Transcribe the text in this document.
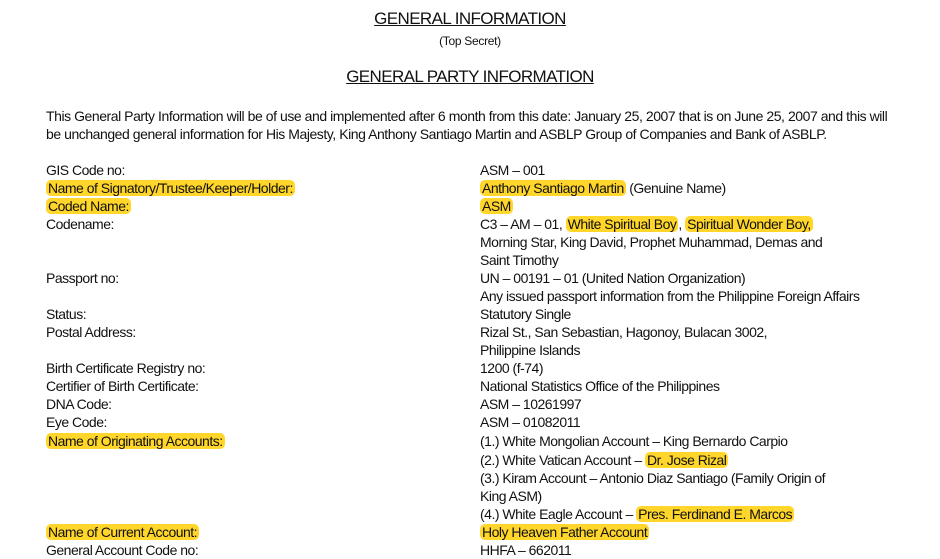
GENERAL INFORMATION
(Top Secret)
GENERAL PARTY INFORMATION

This General Party Information will be of use and implemented after 6 month from this date: January 25, 2007 that is on June 25, 2007 and this will

be unchanged general information for His Majesty, King Anthony Santiago Martin and ASBLP Group of Companies and Bank of ASBLP.

GIS Code no:	ASM – 001
Name of Signatory/Trustee/Keeper/Holder:	Anthony Santiago Martin (Genuine Name)
Coded Name:	ASM
Codename:	C3 – AM – 01, White Spiritual Boy , Spiritual Wonder Boy,
Morning Star, King David, Prophet Muhammad, Demas and
Saint Timothy
Passport no:	UN – 00191 – 01 (United Nation Organization)
Any issued passport information from the Philippine Foreign Affairs
Status:	Statutory Single
Postal Address:	Rizal St., San Sebastian, Hagonoy, Bulacan 3002,
Philippine Islands
Birth Certificate Registry no:	1200 (f-74)
Certifier of Birth Certificate:	National Statistics Office of the Philippines
DNA Code:	ASM – 10261997
Eye Code:	ASM – 01082011
Name of Originating Accounts:	(1.) White Mongolian Account – King Bernardo Carpio
(2.) White Vatican Account – Dr. Jose Rizal
(3.) Kiram Account – Antonio Diaz Santiago (Family Origin of
King ASM)
(4.) White Eagle Account – Pres. Ferdinand E. Marcos
Name of Current Account:	Holy Heaven Father Account
General Account Code no:	HHFA – 662011
